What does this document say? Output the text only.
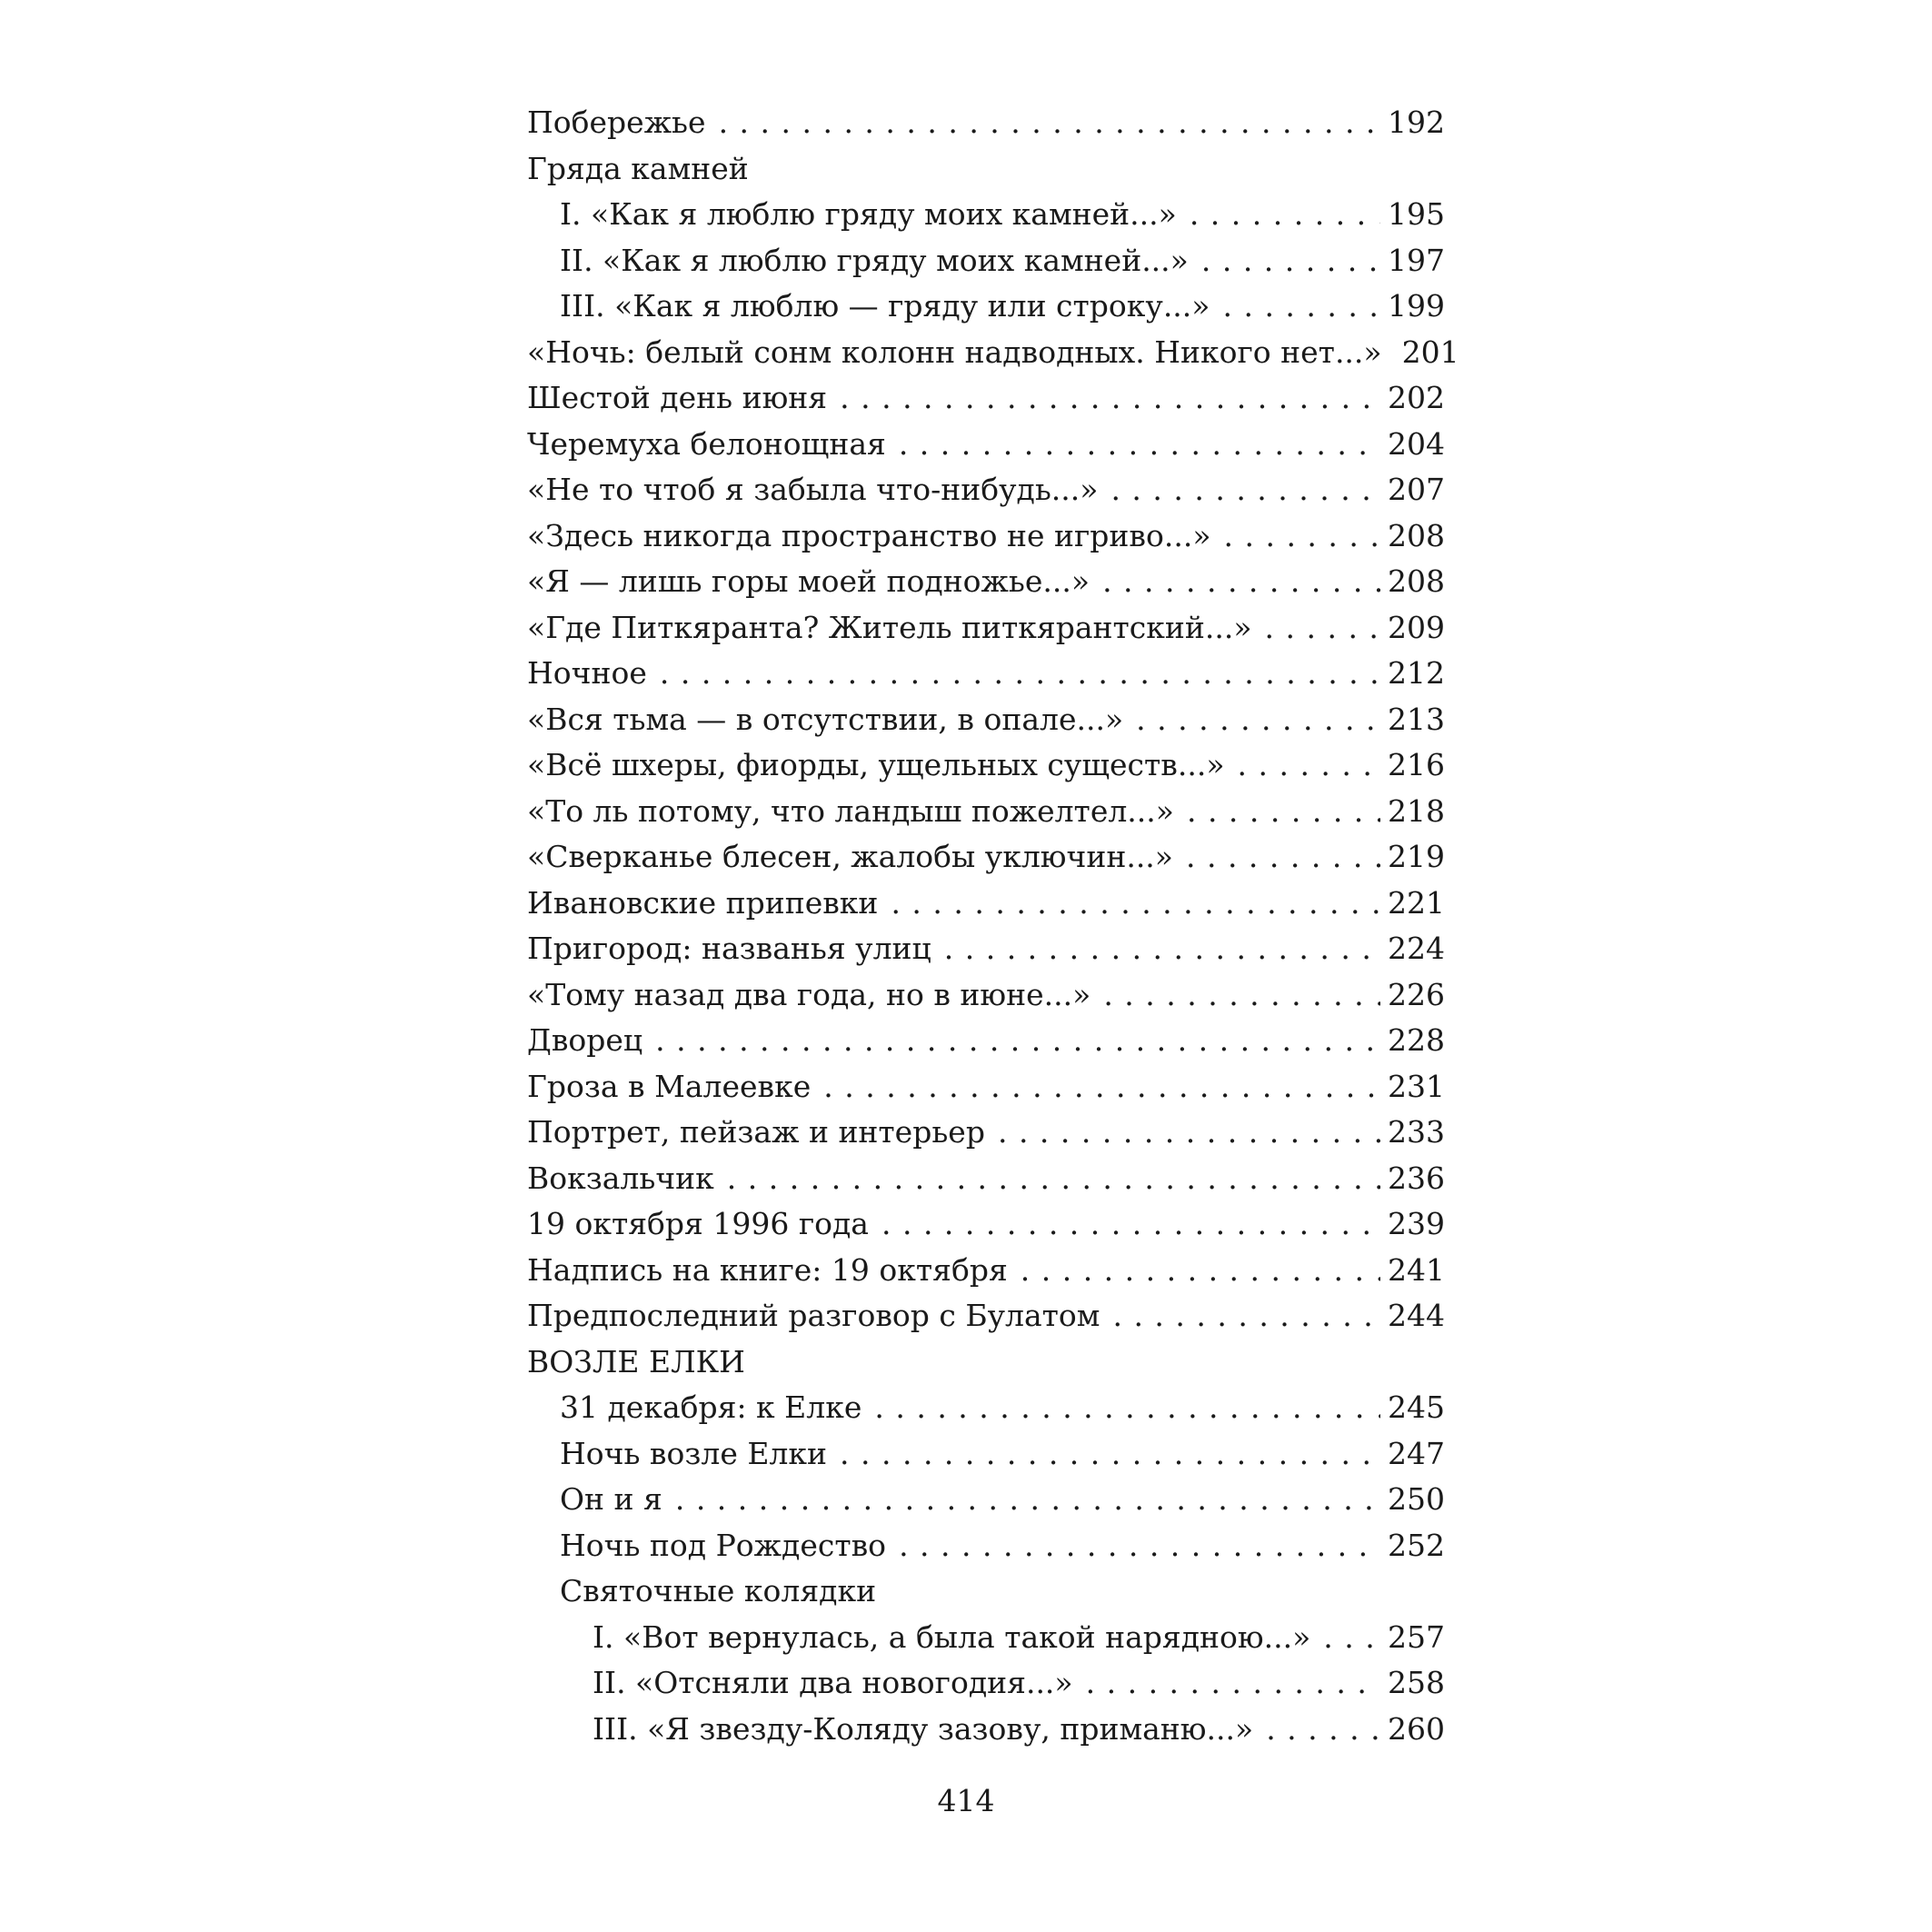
Побережье . . .	192
Гряда камней
I. «Как я люблю гряду моих камней...» . . .	195
II. «Как я люблю гряду моих камней...» . . .	197
III. «Как я люблю — гряду или строку...» . . .	199
«Ночь: белый сонм колонн надводных. Никого нет...» 201
Шестой день июня . . .	202
Черемуха белонощная . . .	204
«Не то чтоб я забыла что-нибудь...» . . .	207
«Здесь никогда пространство не игриво...» . . .	208
«Я — лишь горы моей подножье...» . . .	208
«Где Питкяранта? Житель питкярантский...» . . .	209
Ночное . . .	212
«Вся тьма — в отсутствии, в опале...» . . .	213
«Всё шхеры, фиорды, ущельных существ...» . . .	216
«То ль потому, что ландыш пожелтел...» . . .	218
«Сверканье блесен, жалобы уключин...» . . .	219
Ивановские припевки . . .	221
Пригород: названья улиц . . .	224
«Тому назад два года, но в июне...» . . .	226
Дворец . . .	228
Гроза в Малеевке . . .	231
Портрет, пейзаж и интерьер . . .	233
Вокзальчик . . .	236
19 октября 1996 года . . .	239
Надпись на книге: 19 октября . . .	241
Предпоследний разговор с Булатом . . .	244
ВОЗЛЕ ЕЛКИ
31 декабря: к Елке . . .	245
Ночь возле Елки . . .	247
Он и я . . .	250
Ночь под Рождество . . .	252
Святочные колядки
I. «Вот вернулась, а была такой нарядною...» . . .	257
II. «Отсняли два новогодия...» . . .	258
III. «Я звезду-Коляду зазову, приманю...» . . .	260
414
